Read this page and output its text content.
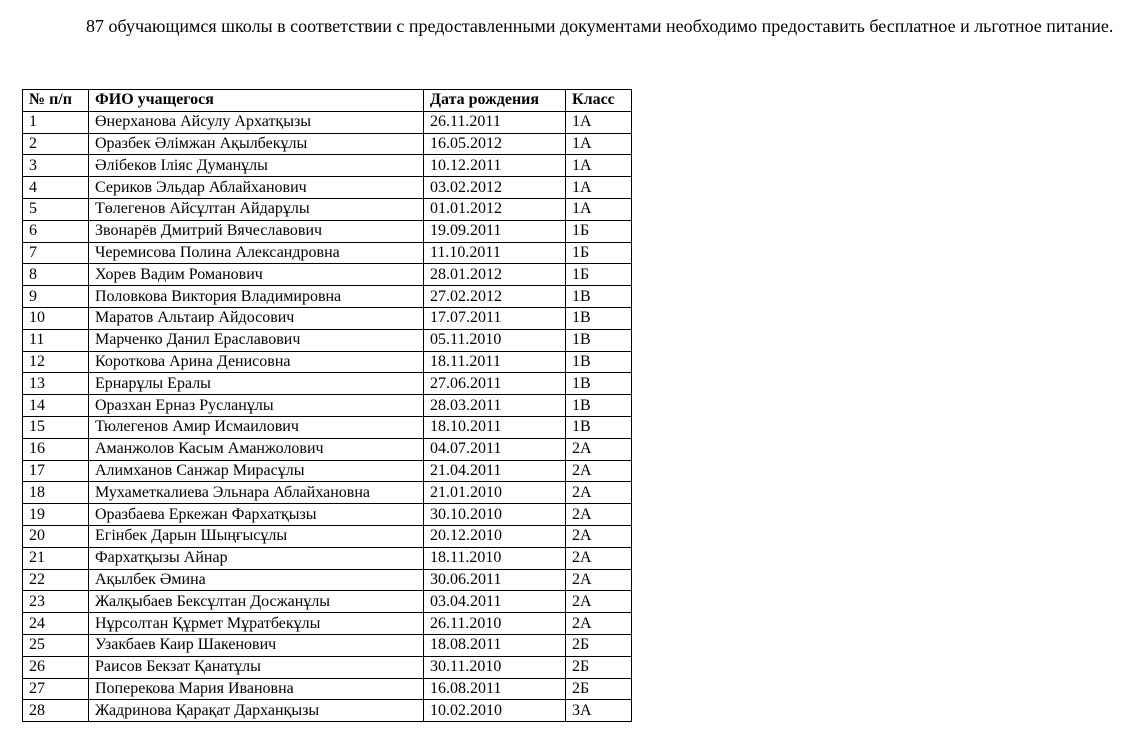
87 обучающимся школы в соответствии с предоставленными документами необходимо предоставить бесплатное и льготное питание.

№ п/п	ФИО учащегося	Дата рождения	Класс
1	Өнерханова Айсулу Архатқызы	26.11.2011	1А
2	Оразбек Әлімжан Ақылбекұлы	16.05.2012	1А
3	Әлібеков Іліяс Думанұлы	10.12.2011	1А
4	Сериков Эльдар Аблайханович	03.02.2012	1А
5	Төлегенов Айсұлтан Айдарұлы	01.01.2012	1А
6	Звонарёв Дмитрий Вячеславович	19.09.2011	1Б
7	Черемисова Полина Александровна	11.10.2011	1Б
8	Хорев Вадим Романович	28.01.2012	1Б
9	Половкова Виктория Владимировна	27.02.2012	1В
10	Маратов Альтаир Айдосович	17.07.2011	1В
11	Марченко Данил Ераславович	05.11.2010	1В
12	Короткова Арина Денисовна	18.11.2011	1В
13	Ернарұлы Ералы	27.06.2011	1В
14	Оразхан Ерназ Русланұлы	28.03.2011	1В
15	Тюлегенов Амир Исмаилович	18.10.2011	1В
16	Аманжолов Касым Аманжолович	04.07.2011	2А
17	Алимханов Санжар Мирасұлы	21.04.2011	2А
18	Мухаметкалиева Эльнара Аблайхановна	21.01.2010	2А
19	Оразбаева Еркежан Фархатқызы	30.10.2010	2А
20	Егінбек Дарын Шыңғысұлы	20.12.2010	2А
21	Фархатқызы Айнар	18.11.2010	2А
22	Ақылбек Әмина	30.06.2011	2А
23	Жалқыбаев Бексұлтан Досжанұлы	03.04.2011	2А
24	Нұрсолтан Құрмет Мұратбекұлы	26.11.2010	2А
25	Узакбаев Каир Шакенович	18.08.2011	2Б
26	Раисов Бекзат Қанатұлы	30.11.2010	2Б
27	Поперекова Мария Ивановна	16.08.2011	2Б
28	Жадринова Қарақат Дарханқызы	10.02.2010	3А
